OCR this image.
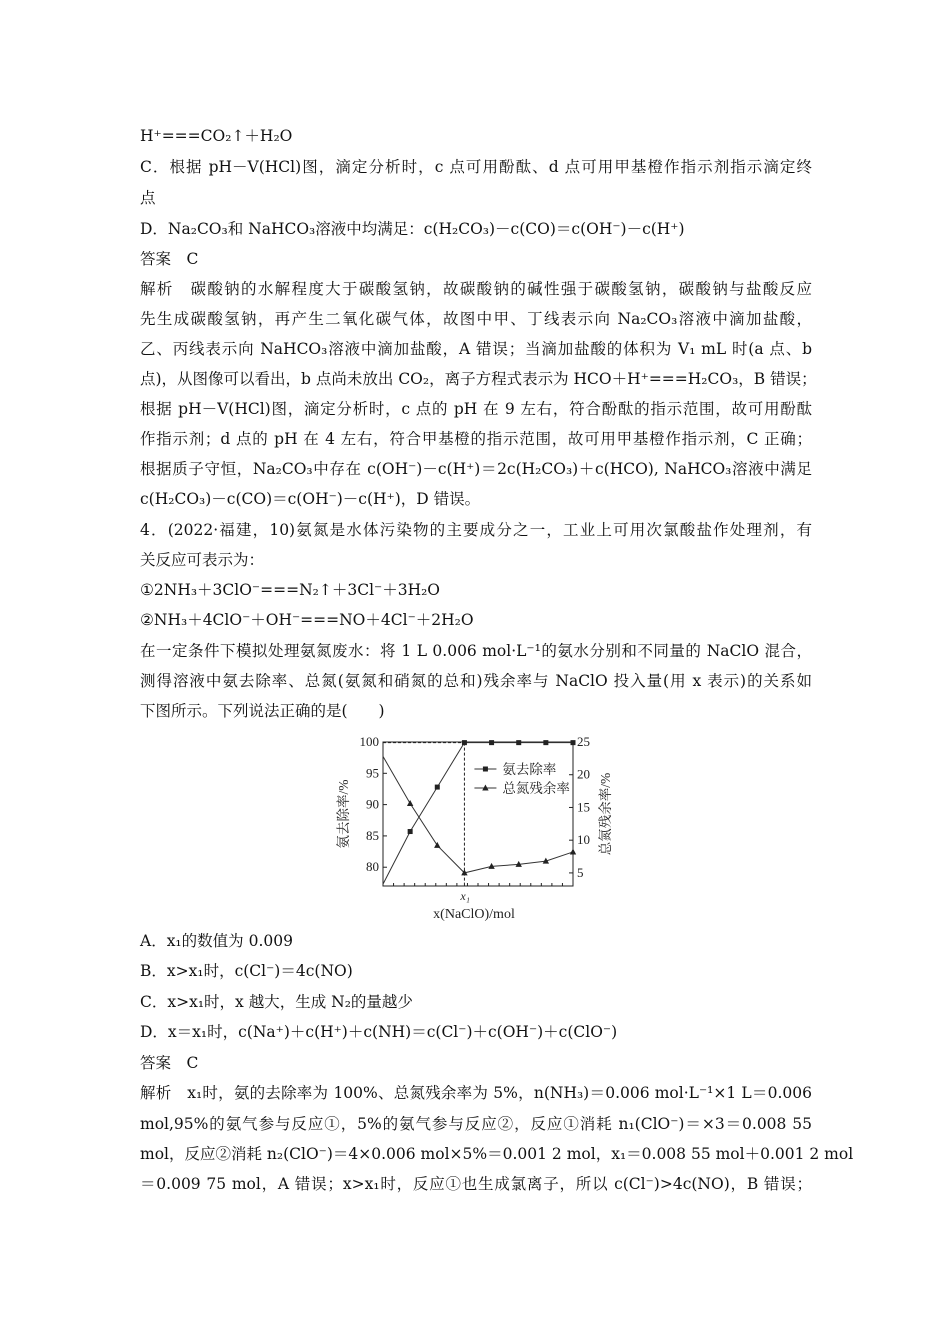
H⁺===CO₂↑＋H₂O
C．根据 pH－V(HCl)图，滴定分析时，c 点可用酚酞、d 点可用甲基橙作指示剂指示滴定终
点
D．Na₂CO₃和 NaHCO₃溶液中均满足：c(H₂CO₃)－c(CO)＝c(OH⁻)－c(H⁺)
答案　C
解析　碳酸钠的水解程度大于碳酸氢钠，故碳酸钠的碱性强于碳酸氢钠，碳酸钠与盐酸反应
先生成碳酸氢钠，再产生二氧化碳气体，故图中甲、丁线表示向 Na₂CO₃溶液中滴加盐酸，
乙、丙线表示向 NaHCO₃溶液中滴加盐酸，A 错误；当滴加盐酸的体积为 V₁ mL 时(a 点、b
点)，从图像可以看出，b 点尚未放出 CO₂，离子方程式表示为 HCO＋H⁺===H₂CO₃，B 错误；
根据 pH－V(HCl)图，滴定分析时，c 点的 pH 在 9 左右，符合酚酞的指示范围，故可用酚酞
作指示剂；d 点的 pH 在 4 左右，符合甲基橙的指示范围，故可用甲基橙作指示剂，C 正确；
根据质子守恒，Na₂CO₃中存在 c(OH⁻)－c(H⁺)＝2c(H₂CO₃)＋c(HCO), NaHCO₃溶液中满足
c(H₂CO₃)－c(CO)＝c(OH⁻)－c(H⁺)，D 错误。
4．(2022·福建，10)氨氮是水体污染物的主要成分之一，工业上可用次氯酸盐作处理剂，有
关反应可表示为：
①2NH₃＋3ClO⁻===N₂↑＋3Cl⁻＋3H₂O
②NH₃＋4ClO⁻＋OH⁻===NO＋4Cl⁻＋2H₂O
在一定条件下模拟处理氨氮废水：将 1 L 0.006 mol·L⁻¹的氨水分别和不同量的 NaClO 混合，
测得溶液中氨去除率、总氮(氨氮和硝氮的总和)残余率与 NaClO 投入量(用 x 表示)的关系如
下图所示。下列说法正确的是(　　)
80
85
90
95
100
5
10
15
20
25
x₁
氨去除率
总氮残余率
氨去除率/%	总氮残余率/%
x(NaClO)/mol
A．x₁的数值为 0.009
B．x>x₁时，c(Cl⁻)＝4c(NO)
C．x>x₁时，x 越大，生成 N₂的量越少
D．x＝x₁时，c(Na⁺)＋c(H⁺)＋c(NH)＝c(Cl⁻)＋c(OH⁻)＋c(ClO⁻)
答案　C
解析　x₁时，氨的去除率为 100%、总氮残余率为 5%，n(NH₃)＝0.006 mol·L⁻¹×1 L＝0.006
mol,95%的氨气参与反应①，5%的氨气参与反应②，反应①消耗 n₁(ClO⁻)＝×3＝0.008 55
mol，反应②消耗 n₂(ClO⁻)＝4×0.006 mol×5%＝0.001 2 mol，x₁＝0.008 55 mol＋0.001 2 mol
＝0.009 75 mol，A 错误；x>x₁时，反应①也生成氯离子，所以 c(Cl⁻)>4c(NO)，B 错误；
